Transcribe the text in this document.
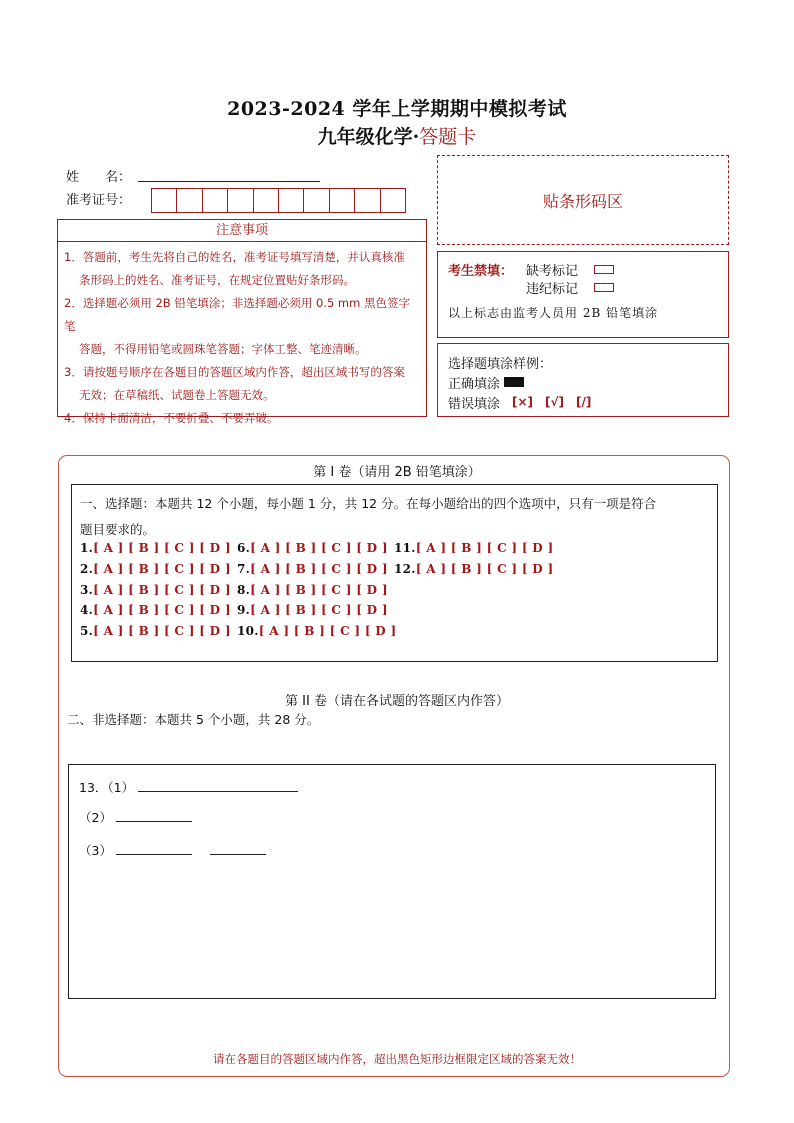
2023-2024 学年上学期期中模拟考试
九年级化学·答题卡
姓　　名：
准考证号：	贴条形码区
注意事项
1．答题前，考生先将自己的姓名，准考证号填写清楚，并认真核准
条形码上的姓名、准考证号，在规定位置贴好条形码。
2．选择题必须用 2B 铅笔填涂；非选择题必须用 0.5 mm 黑色签字笔
答题，不得用铅笔或圆珠笔答题；字体工整、笔迹清晰。
3．请按题号顺序在各题目的答题区域内作答，超出区域书写的答案
无效；在草稿纸、试题卷上答题无效。
4．保持卡面清洁，不要折叠、不要弄破。
考生禁填： 缺考标记
违纪标记
以上标志由监考人员用 2B 铅笔填涂
选择题填涂样例：
正确填涂
错误填涂 [×] [√] [/]
第 I 卷（请用 2B 铅笔填涂）
一、选择题：本题共 12 个小题，每小题 1 分，共 12 分。在每小题给出的四个选项中，只有一项是符合
题目要求的。
1.[ A ] [ B ] [ C ] [ D ]
2.[ A ] [ B ] [ C ] [ D ]
3.[ A ] [ B ] [ C ] [ D ]
4.[ A ] [ B ] [ C ] [ D ]
5.[ A ] [ B ] [ C ] [ D ]
6.[ A ] [ B ] [ C ] [ D ]
7.[ A ] [ B ] [ C ] [ D ]
8.[ A ] [ B ] [ C ] [ D ]
9.[ A ] [ B ] [ C ] [ D ]
10.[ A ] [ B ] [ C ] [ D ]
11.[ A ] [ B ] [ C ] [ D ]
12.[ A ] [ B ] [ C ] [ D ]
第 II 卷（请在各试题的答题区内作答）
二、非选择题：本题共 5 个小题，共 28 分。
13．（1）
（2）
（3）
请在各题目的答题区域内作答，超出黑色矩形边框限定区域的答案无效！
